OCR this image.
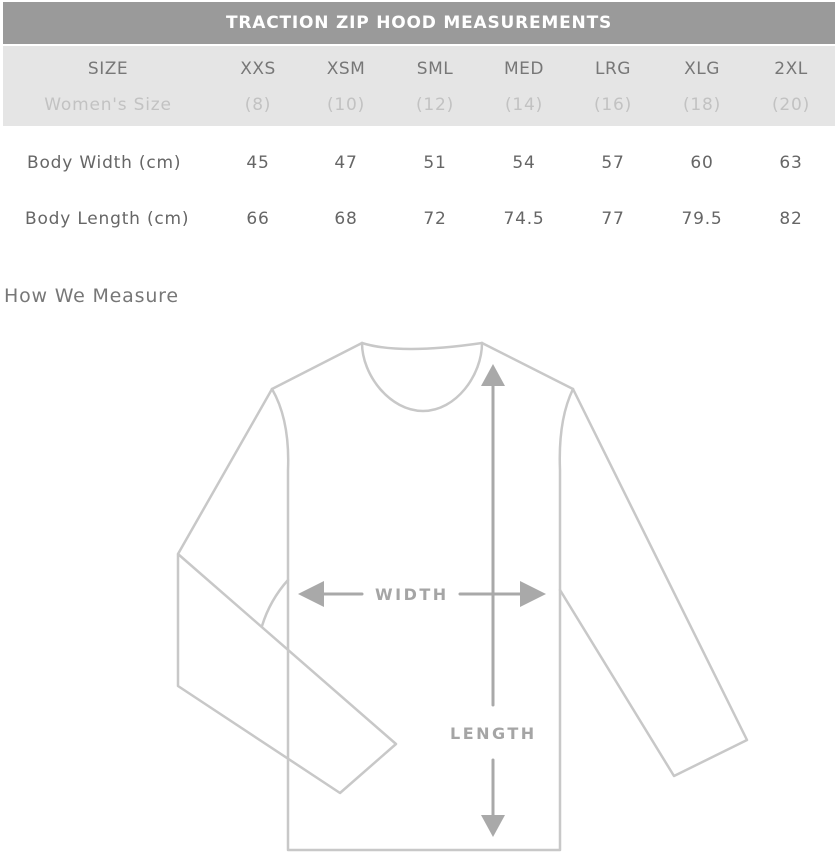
TRACTION ZIP HOOD MEASUREMENTS
SIZE	XXS	XSM	SML	MED	LRG	XLG	2XL
Women's Size	(8)	(10)	(12)	(14)	(16)	(18)	(20)
Body Width (cm)	45	47	51	54	57	60	63
Body Length (cm)	66	68	72	74.5	77	79.5	82
How We Measure
WIDTH
LENGTH
